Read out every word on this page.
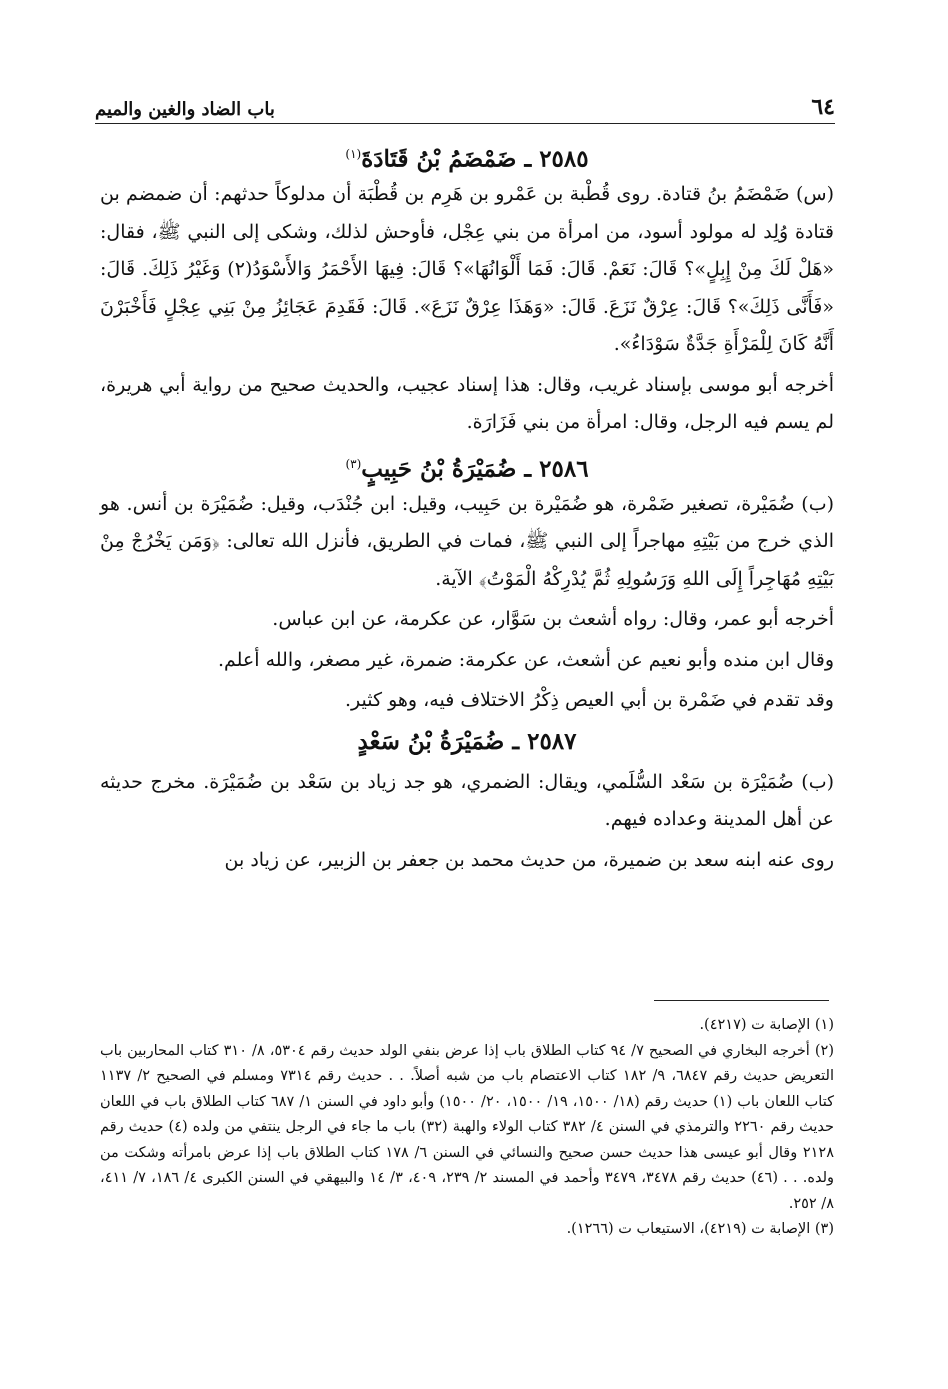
٦٤
باب الضاد والغين والميم
٢٥٨٥ ـ ضَمْضَمُ بْنُ قَتَادَةَ$^{(١)}$

(س) ضَمْضَمُ بنُ قتادة. روى قُطْبة بن عَمْرو بن هَرِم بن قُطْبَة أن مدلوكاً حدثهم: أن ضمضم بن قتادة وُلِد له مولود أسود، من امرأة من بني عِجْل، فأوحش لذلك، وشكى إلى النبي ﷺ، فقال: «هَلْ لَكَ مِنْ إِبِلٍ»؟ قَالَ: نَعَمْ. قَالَ: فَمَا أَلْوَانُهَا»؟ قَالَ: فِيهَا الأَحْمَرُ وَالأَسْوَدُ(٢) وَغَيْرُ ذَلِكَ. قَالَ: «فَأَنَّى ذَلِكَ»؟ قَالَ: عِرْقٌ نَزَعَ. قَالَ: «وَهَذَا عِرْقٌ نَزَعَ». قَالَ: فَقَدِمَ عَجَائِزُ مِنْ بَنِي عِجْلٍ فَأَخْبَرْنَ أَنَّهُ كَانَ لِلْمَرْأَةِ جَدَّةٌ سَوْدَاءُ».

أخرجه أبو موسى بإسناد غريب، وقال: هذا إسناد عجيب، والحديث صحيح من رواية أبي هريرة، لم يسم فيه الرجل، وقال: امرأة من بني فَزَارَة.

٢٥٨٦ ـ ضُمَيْرَةُ بْنُ حَبِيبٍ$^{(٣)}$

(ب) ضُمَيْرة، تصغير ضَمْرة، هو ضُمَيْرة بن حَبِيب، وقيل: ابن جُنْدَب، وقيل: ضُمَيْرَة بن أنس. هو الذي خرج من بَيْتِهِ مهاجراً إلى النبي ﷺ، فمات في الطريق، فأنزل الله تعالى: ﴿وَمَن يَخْرُجْ مِنْ بَيْتِهِ مُهَاجِراً إِلَى اللهِ وَرَسُولِهِ ثُمَّ يُدْرِكْهُ الْمَوْتُ﴾ الآية.

أخرجه أبو عمر، وقال: رواه أشعث بن سَوَّار، عن عكرمة، عن ابن عباس.

وقال ابن منده وأبو نعيم عن أشعث، عن عكرمة: ضمرة، غير مصغر، والله أعلم.

وقد تقدم في ضَمْرة بن أبي العيص ذِكْرُ الاختلاف فيه، وهو كثير.

٢٥٨٧ ـ ضُمَيْرَةُ بْنُ سَعْدٍ

(ب) ضُمَيْرَة بن سَعْد السُّلَمي، ويقال: الضمري، هو جد زياد بن سَعْد بن ضُمَيْرَة. مخرج حديثه عن أهل المدينة وعداده فيهم.

روى عنه ابنه سعد بن ضميرة، من حديث محمد بن جعفر بن الزبير، عن زياد بن

(١) الإصابة ت (٤٢١٧).

(٢) أخرجه البخاري في الصحيح ٧/ ٩٤ كتاب الطلاق باب إذا عرض بنفي الولد حديث رقم ٥٣٠٤، ٨/ ٣١٠ كتاب المحاربين باب التعريض حديث رقم ٦٨٤٧، ٩/ ١٨٢ كتاب الاعتصام باب من شبه أصلاً. . . حديث رقم ٧٣١٤ ومسلم في الصحيح ٢/ ١١٣٧ كتاب اللعان باب (١) حديث رقم (١٨/ ١٥٠٠، ١٩/ ١٥٠٠، ٢٠/ ١٥٠٠) وأبو داود في السنن ١/ ٦٨٧ كتاب الطلاق باب في اللعان حديث رقم ٢٢٦٠ والترمذي في السنن ٤/ ٣٨٢ كتاب الولاء والهبة (٣٢) باب ما جاء في الرجل ينتفي من ولده (٤) حديث رقم ٢١٢٨ وقال أبو عيسى هذا حديث حسن صحيح والنسائي في السنن ٦/ ١٧٨ كتاب الطلاق باب إذا عرض بامرأته وشكت من ولده. . . (٤٦) حديث رقم ٣٤٧٨، ٣٤٧٩ وأحمد في المسند ٢/ ٢٣٩، ٤٠٩، ٣/ ١٤ والبيهقي في السنن الكبرى ٤/ ١٨٦، ٧/ ٤١١، ٨/ ٢٥٢.

(٣) الإصابة ت (٤٢١٩)، الاستيعاب ت (١٢٦٦).
